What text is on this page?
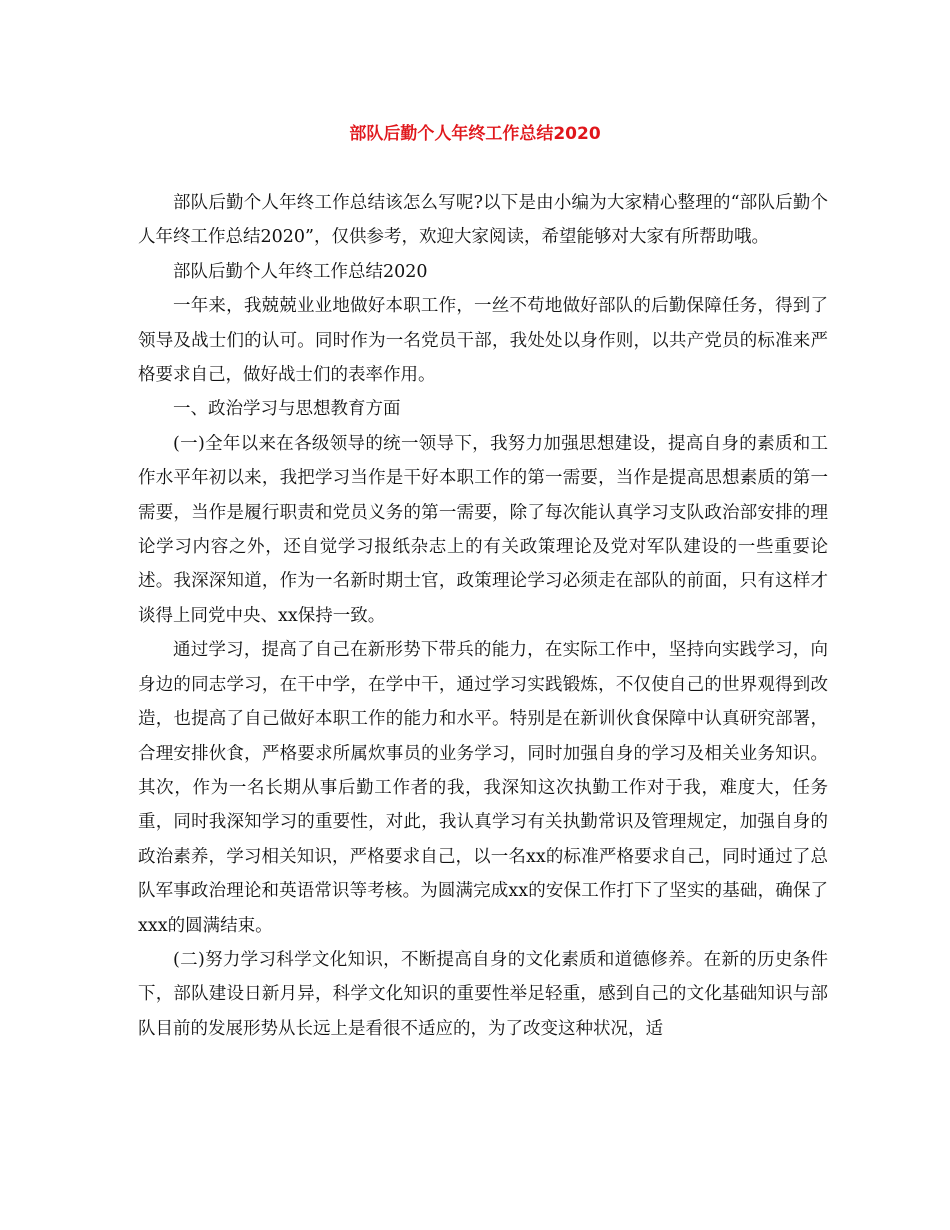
部队后勤个人年终工作总结2020

部队后勤个人年终工作总结该怎么写呢?以下是由小编为大家精心整理的“部队后勤个人年终工作总结2020”，仅供参考，欢迎大家阅读，希望能够对大家有所帮助哦。

部队后勤个人年终工作总结2020

一年来，我兢兢业业地做好本职工作，一丝不苟地做好部队的后勤保障任务，得到了领导及战士们的认可。同时作为一名党员干部，我处处以身作则，以共产党员的标准来严格要求自己，做好战士们的表率作用。

一、政治学习与思想教育方面

(一)全年以来在各级领导的统一领导下，我努力加强思想建设，提高自身的素质和工作水平年初以来，我把学习当作是干好本职工作的第一需要，当作是提高思想素质的第一需要，当作是履行职责和党员义务的第一需要，除了每次能认真学习支队政治部安排的理论学习内容之外，还自觉学习报纸杂志上的有关政策理论及党对军队建设的一些重要论述。我深深知道，作为一名新时期士官，政策理论学习必须走在部队的前面，只有这样才谈得上同党中央、xx保持一致。

通过学习，提高了自己在新形势下带兵的能力，在实际工作中，坚持向实践学习，向身边的同志学习，在干中学，在学中干，通过学习实践锻炼，不仅使自己的世界观得到改造，也提高了自己做好本职工作的能力和水平。特别是在新训伙食保障中认真研究部署，合理安排伙食，严格要求所属炊事员的业务学习，同时加强自身的学习及相关业务知识。其次，作为一名长期从事后勤工作者的我，我深知这次执勤工作对于我，难度大，任务重，同时我深知学习的重要性，对此，我认真学习有关执勤常识及管理规定，加强自身的政治素养，学习相关知识，严格要求自己，以一名xx的标准严格要求自己，同时通过了总队军事政治理论和英语常识等考核。为圆满完成xx的安保工作打下了坚实的基础，确保了xxx的圆满结束。

(二)努力学习科学文化知识，不断提高自身的文化素质和道德修养。在新的历史条件下，部队建设日新月异，科学文化知识的重要性举足轻重，感到自己的文化基础知识与部队目前的发展形势从长远上是看很不适应的，为了改变这种状况，适
